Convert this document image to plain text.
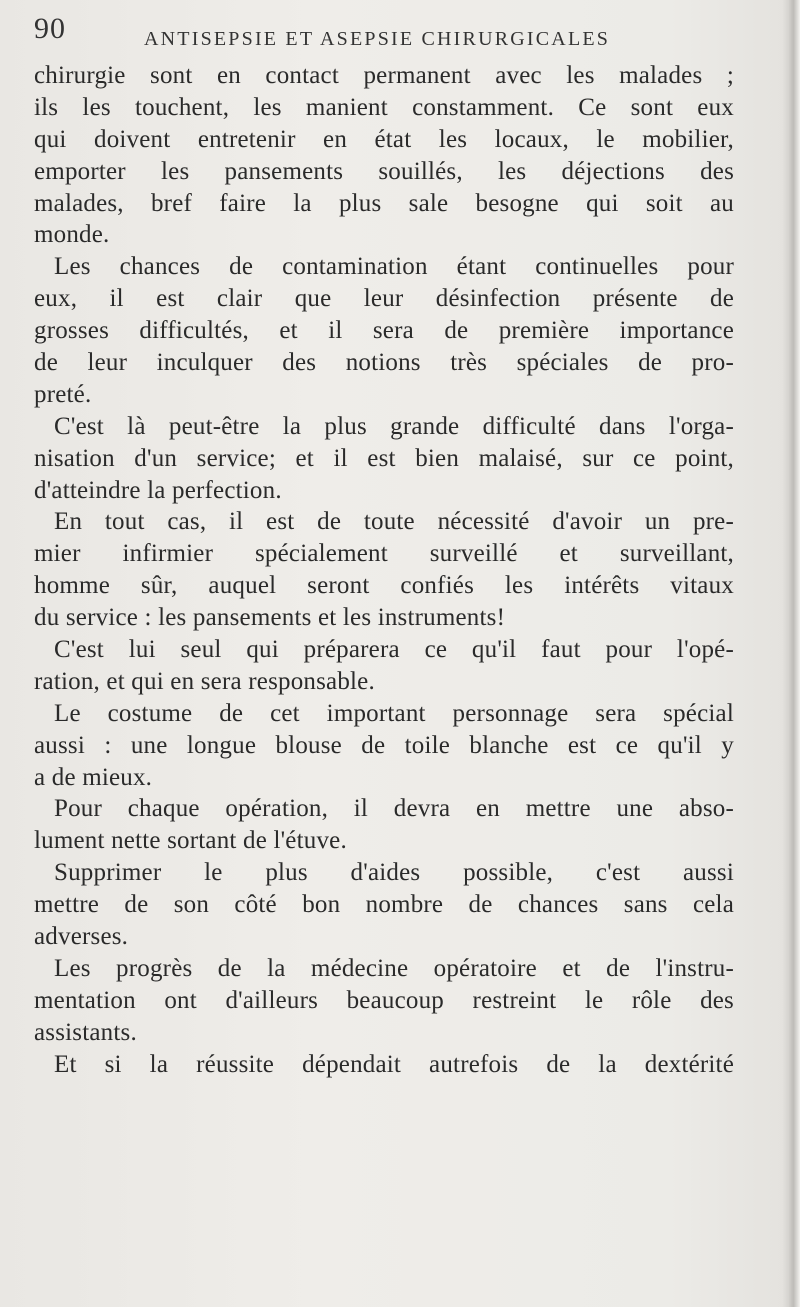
90	ANTISEPSIE ET ASEPSIE CHIRURGICALES
chirurgie sont en contact permanent avec les malades ;
ils les touchent, les manient constamment. Ce sont eux
qui doivent entretenir en état les locaux, le mobilier,
emporter les pansements souillés, les déjections des
malades, bref faire la plus sale besogne qui soit au
monde.
Les chances de contamination étant continuelles pour
eux, il est clair que leur désinfection présente de
grosses difficultés, et il sera de première importance
de leur inculquer des notions très spéciales de pro-
preté.
C'est là peut-être la plus grande difficulté dans l'orga-
nisation d'un service; et il est bien malaisé, sur ce point,
d'atteindre la perfection.
En tout cas, il est de toute nécessité d'avoir un pre-
mier infirmier spécialement surveillé et surveillant,
homme sûr, auquel seront confiés les intérêts vitaux
du service : les pansements et les instruments!
C'est lui seul qui préparera ce qu'il faut pour l'opé-
ration, et qui en sera responsable.
Le costume de cet important personnage sera spécial
aussi : une longue blouse de toile blanche est ce qu'il y
a de mieux.
Pour chaque opération, il devra en mettre une abso-
lument nette sortant de l'étuve.
Supprimer le plus d'aides possible, c'est aussi
mettre de son côté bon nombre de chances sans cela
adverses.
Les progrès de la médecine opératoire et de l'instru-
mentation ont d'ailleurs beaucoup restreint le rôle des
assistants.
Et si la réussite dépendait autrefois de la dextérité
